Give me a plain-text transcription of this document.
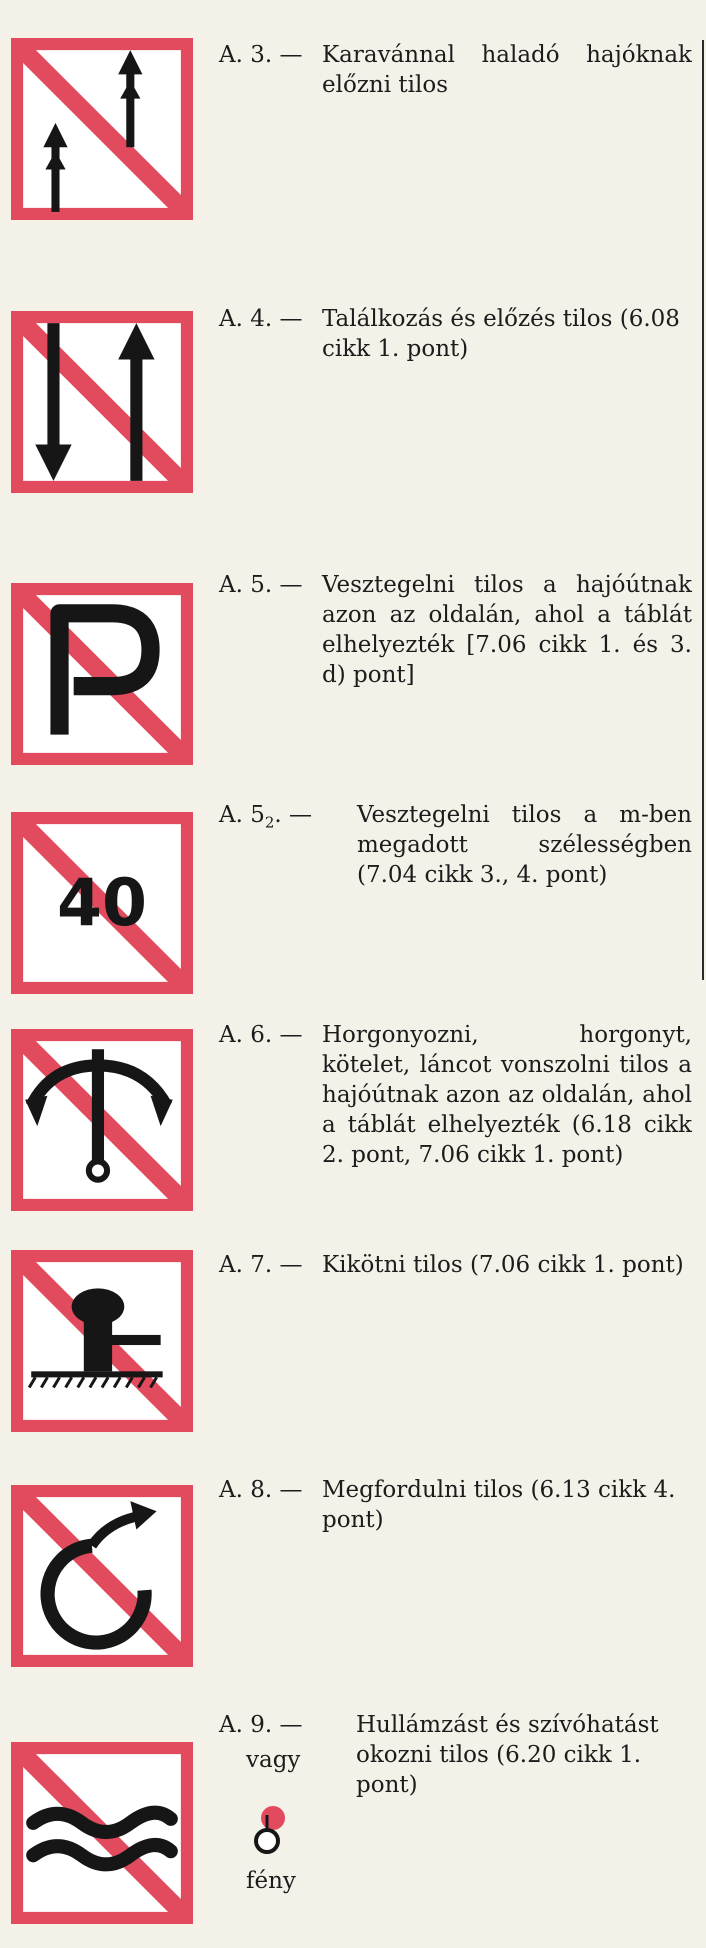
A. 3. — Karavánnal haladó hajóknak előzni tilos
A. 4. — Találkozás és előzés tilos (6.08 cikk 1. pont)
A. 5. — Vesztegelni tilos a hajóútnak azon az oldalán, ahol a táblát elhelyezték [7.06 cikk 1. és 3. d) pont]
40
A. $5_2$. — Vesztegelni tilos a m-ben megadott szélességben (7.04 cikk 3., 4. pont)
A. 6. — Horgonyozni, horgonyt, kötelet, láncot vonszolni tilos a hajóútnak azon az oldalán, ahol a táblát elhelyezték (6.18 cikk 2. pont, 7.06 cikk 1. pont)
A. 7. — Kikötni tilos (7.06 cikk 1. pont)
A. 8. — Megfordulni tilos (6.13 cikk 4. pont)
A. 9. — Hullámzást és szívóhatást okozni tilos (6.20 cikk 1. pont)
vagy
fény
